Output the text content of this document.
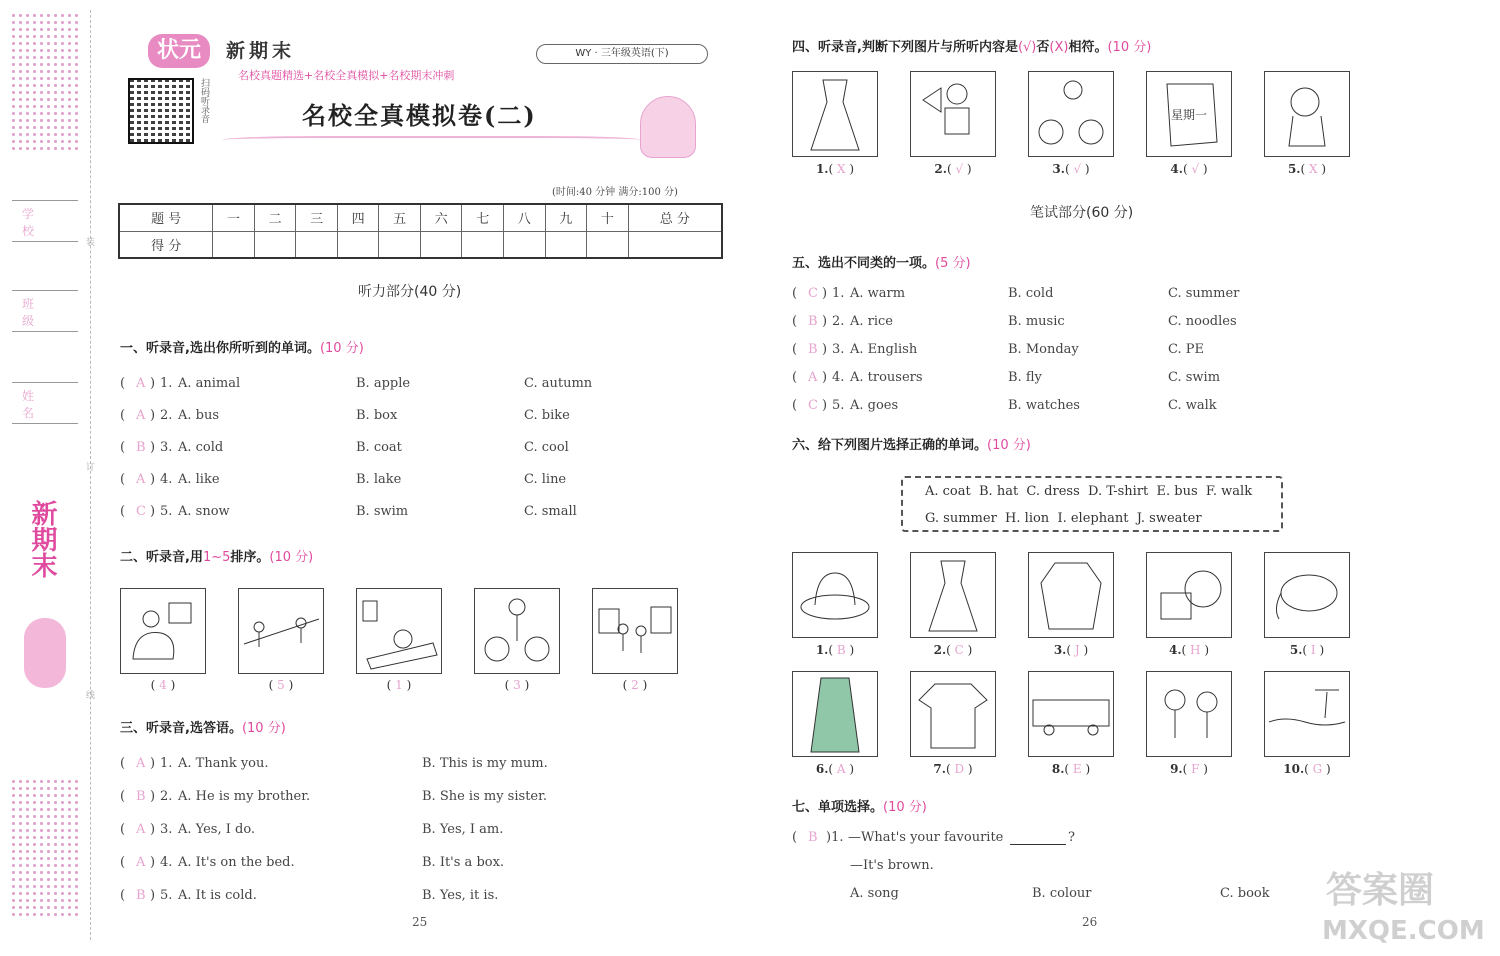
学 校
班 级
姓 名
装
订
线
新期末
状元	新期末
名校真题精选+名校全真模拟+名校期末冲刺
WY · 三年级英语(下)
扫码听录音	名校全真模拟卷(二)
(时间:40 分钟 满分:100 分)
题 号	一	二	三	四	五	六	七	八	九	十	总 分
得 分											
听力部分(40 分)
一、听录音,选出你所听到的单词。(10 分)
( A ) 1. A. animal	B. apple	C. autumn
( A ) 2. A. bus	B. box	C. bike
( B ) 3. A. cold	B. coat	C. cool
( A ) 4. A. like	B. lake	C. line
( C ) 5. A. snow	B. swim	C. small
二、听录音,用1~5排序。(10 分)
( 4 )	( 5 )	( 1 )	( 3 )	( 2 )
三、听录音,选答语。(10 分)
( A ) 1. A. Thank you.	B. This is my mum.
( B ) 2. A. He is my brother.	B. She is my sister.
( A ) 3. A. Yes, I do.	B. Yes, I am.
( A ) 4. A. It's on the bed.	B. It's a box.
( B ) 5. A. It is cold.	B. Yes, it is.
25
四、听录音,判断下列图片与所听内容是(√)否(X)相符。(10 分)
星期一
1.( X )	2.( √ )	3.( √ )	4.( √ )	5.( X )
笔试部分(60 分)
五、选出不同类的一项。(5 分)
( C ) 1. A. warm	B. cold	C. summer
( B ) 2. A. rice	B. music	C. noodles
( B ) 3. A. English	B. Monday	C. PE
( A ) 4. A. trousers	B. fly	C. swim
( C ) 5. A. goes	B. watches	C. walk
六、给下列图片选择正确的单词。(10 分)
A. coat  B. hat  C. dress  D. T-shirt  E. bus  F. walk
G. summer  H. lion  I. elephant  J. sweater
1.( B )	2.( C )	3.( J )	4.( H )	5.( I )
6.( A )	7.( D )	8.( E )	9.( F )	10.( G )
七、单项选择。(10 分)
( B )1. —What's your favourite	?
—It's brown.
A. song	B. colour	C. book
26
答案圈
MXQE.COM
